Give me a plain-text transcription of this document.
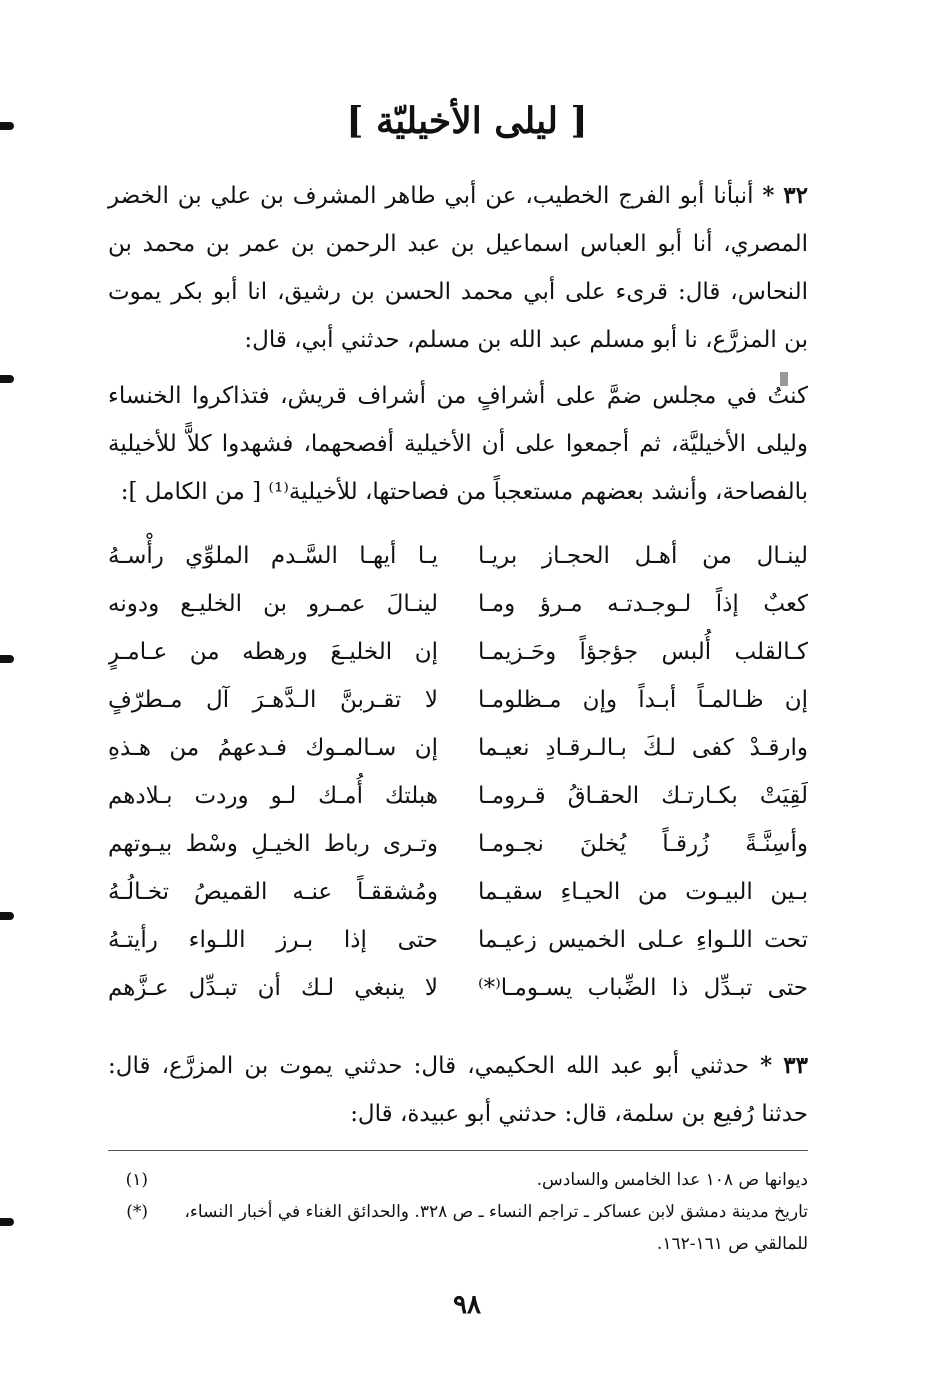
[ ليلى الأخيليّة ]
٣٢ * أنبأنا أبو الفرج الخطيب، عن أبي طاهر المشرف بن علي بن الخضر المصري، أنا أبو العباس اسماعيل بن عبد الرحمن بن عمر بن محمد بن النحاس، قال: قرىء على أبي محمد الحسن بن رشيق، انا أبو بكر يموت بن المزرَّع، نا أبو مسلم عبد الله بن مسلم، حدثني أبي، قال:
كنتُ في مجلس ضمَّ على أشرافٍ من أشراف قريش، فتذاكروا الخنساء وليلى الأخيليَّة، ثم أجمعوا على أن الأخيلية أفصحهما، فشهدوا كلاًّ للأخيلية بالفصاحة، وأنشد بعضهم مستعجباً من فصاحتها، للأخيلية⁽¹⁾ [ من الكامل ]:
يـا أيهـا السَّـدم الملوِّي رأْسـهُ لينـال من أهـل الحجـاز بريـا
لينـالَ عمـرو بن الخليـع ودونه كعبٌ إذاً لـوجـدتـه مـرؤ ومـا
إن الخليـعَ ورهطه من عـامـرٍ كـالقلب أُلبس جؤجؤاً وحَـزيمـا
لا تقـربنَّ الـدَّهـرَ آل مـطرّفٍ إن ظـالمـاً أبـداً وإن مـظلومـا
إن سـالمـوك فـدعهمُ من هـذهِ وارقـدْ كفى لـكَ بـالـرقـادِ نعيـما
هبلتك أُمـك لـو وردت بـلادهم لَقِيَتْ بكـارتـك الحقـاقُ قـرومـا
وتـرى رباط الخيـلِ وسْط بيـوتهم وأسِنَّـةً زُرقـاً يُخلنَ نجـومـا
ومُشققـاً عنـه القميصُ تخـالُـهُ بـين البيـوت من الحيـاءِ سقيـما
حتى إذا بـرز اللـواء رأيتـهُ تحت اللـواءِ عـلى الخميس زعيـما
لا ينبغي لـك أن تبـدِّل عـزَّهم حتى تبـدِّل ذا الضِّباب يسـومـا⁽*⁾
٣٣ * حدثني أبو عبد الله الحكيمي، قال: حدثني يموت بن المزرَّع، قال: حدثنا رُفيع بن سلمة، قال: حدثني أبو عبيدة، قال:
(١)	ديوانها ص ١٠٨ عدا الخامس والسادس.
(*)	تاريخ مدينة دمشق لابن عساكر ـ تراجم النساء ـ ص ٣٢٨. والحدائق الغناء في أخبار النساء، للمالقي ص ١٦١-١٦٢.
٩٨
